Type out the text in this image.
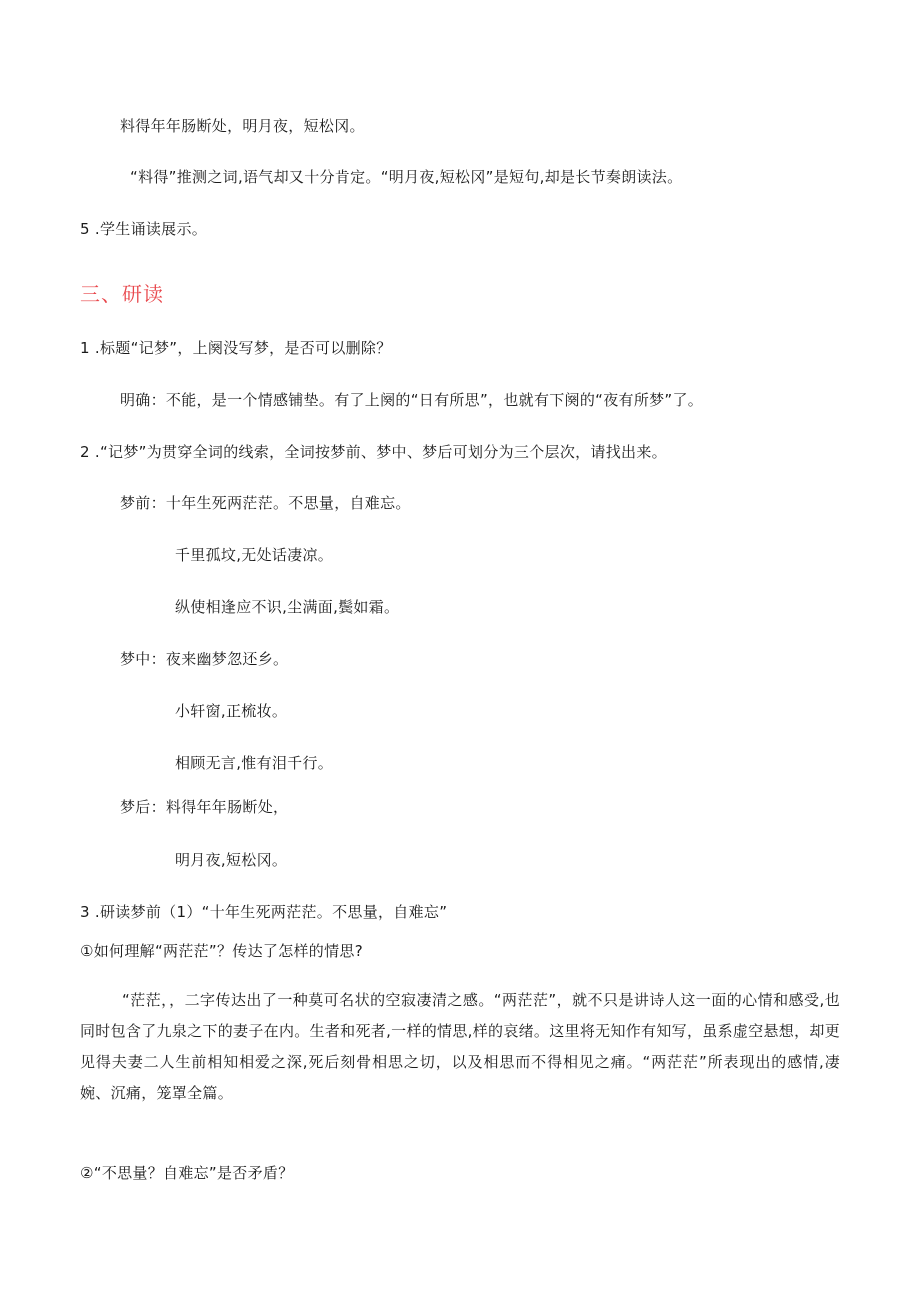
料得年年肠断处，明月夜，短松冈。
“料得”推测之词,语气却又十分肯定。“明月夜,短松冈”是短句,却是长节奏朗读法。
5 .学生诵读展示。
三、研读
1 .标题“记梦”，上阕没写梦，是否可以删除？
明确：不能，是一个情感铺垫。有了上阕的“日有所思”，也就有下阕的“夜有所梦”了。
2 .“记梦”为贯穿全词的线索，全词按梦前、梦中、梦后可划分为三个层次，请找出来。
梦前：十年生死两茫茫。不思量，自难忘。
千里孤坟,无处话凄凉。
纵使相逢应不识,尘满面,鬓如霜。
梦中：夜来幽梦忽还乡。
小轩窗,正梳妆。
相顾无言,惟有泪千行。
梦后：料得年年肠断处，
明月夜,短松冈。
3 .研读梦前（1）“十年生死两茫茫。不思量，自难忘”
①如何理解“两茫茫”？传达了怎样的情思?
“茫茫，，二字传达出了一种莫可名状的空寂凄清之感。“两茫茫”，就不只是讲诗人这一面的心情和感受,也同时包含了九泉之下的妻子在内。生者和死者,一样的情思,样的哀绪。这里将无知作有知写，虽系虚空悬想，却更见得夫妻二人生前相知相爱之深,死后刻骨相思之切，以及相思而不得相见之痛。“两茫茫”所表现出的感情,凄婉、沉痛，笼罩全篇。
②“不思量？自难忘”是否矛盾？
